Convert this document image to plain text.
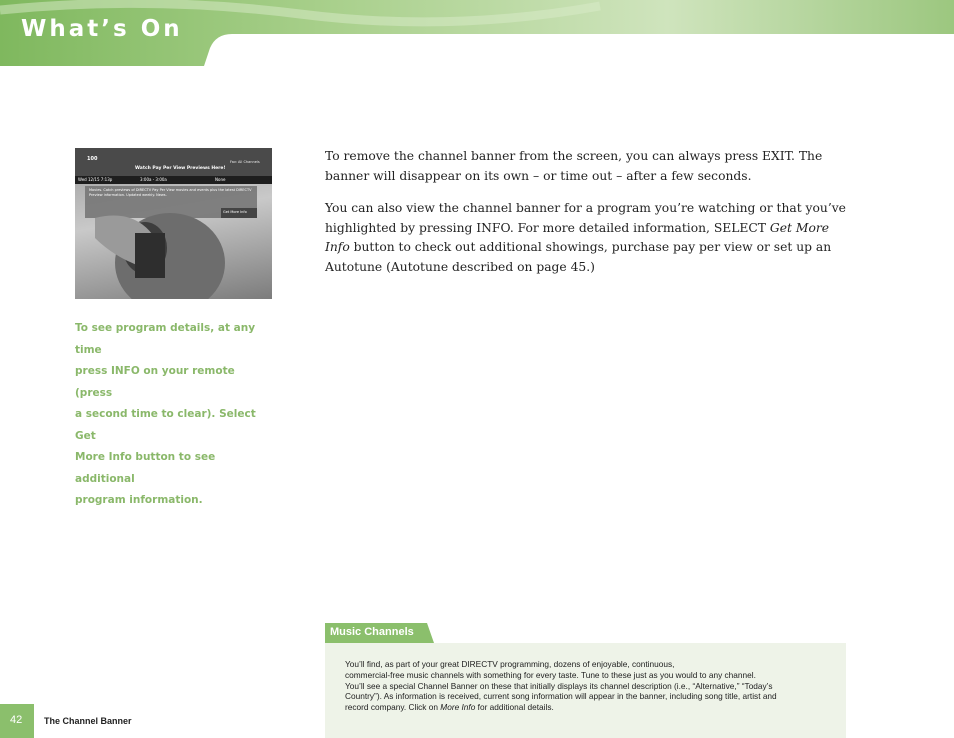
What’s On
100
Watch Pay Per View Previews Here!
Fav: All Channels
Wed 12/15 7:13p	3:00a - 3:00a	None
Movies. Catch previews of DIRECTV Pay Per View movies and events plus the latest DIRECTV Preview information. Updated weekly. News.
Get More Info
To see program details, at any time
press INFO on your remote (press
a second time to clear). Select Get
More Info button to see additional
program information.

To remove the channel banner from the screen, you can always press EXIT. The banner will disappear on its own – or time out – after a few seconds.

You can also view the channel banner for a program you’re watching or that you’ve highlighted by pressing INFO. For more detailed information, SELECT Get More Info button to check out additional showings, purchase pay per view or set up an Autotune (Autotune described on page 45.)

Music Channels
You’ll find, as part of your great DIRECTV programming, dozens of enjoyable, continuous,
commercial-free music channels with something for every taste. Tune to these just as you would to any channel.
You’ll see a special Channel Banner on these that initially displays its channel description (i.e., “Alternative,” “Today’s
Country”). As information is received, current song information will appear in the banner, including song title, artist and
record company. Click on More Info for additional details.
42 The Channel Banner
